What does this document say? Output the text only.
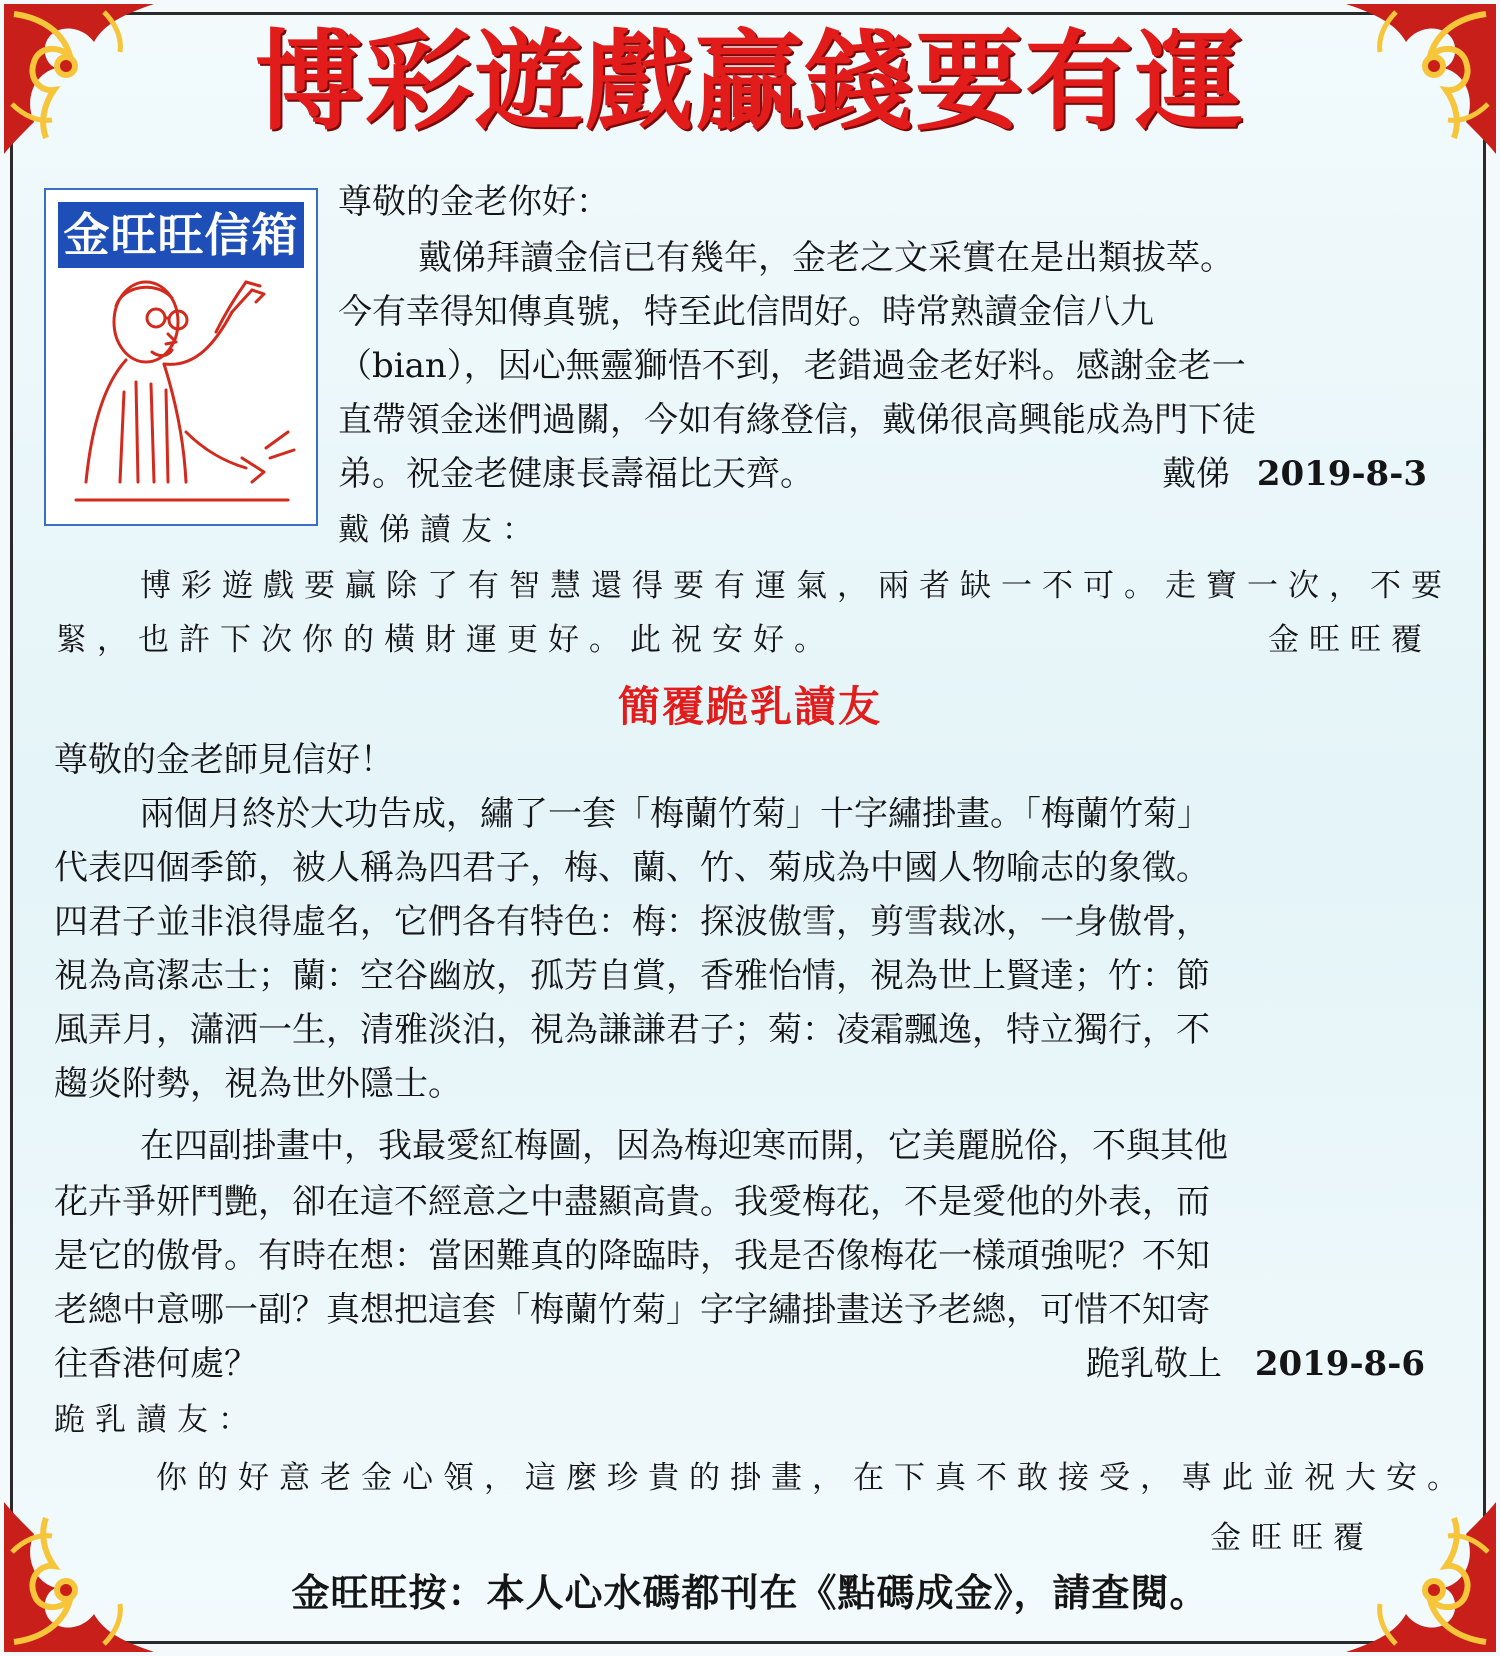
博彩遊戲贏錢要有運
金旺旺信箱
尊敬的金老你好：
戴俤拜讀金信已有幾年，金老之文采實在是出類拔萃。
今有幸得知傳真號，特至此信問好。時常熟讀金信八九
（bian），因心無靈獅悟不到，老錯過金老好料。感謝金老一
直帶領金迷們過關，今如有緣登信，戴俤很高興能成為門下徒
弟。祝金老健康長壽福比天齊。	戴俤 2019-8-3
戴俤讀友：
博彩遊戲要贏除了有智慧還得要有運氣，兩者缺一不可。走寶一次，不要
緊，也許下次你的橫財運更好。此祝安好。	金旺旺覆
簡覆跪乳讀友
尊敬的金老師見信好！
兩個月終於大功告成，繡了一套「梅蘭竹菊」十字繡掛畫。「梅蘭竹菊」
代表四個季節，被人稱為四君子，梅、蘭、竹、菊成為中國人物喻志的象徵。
四君子並非浪得虛名，它們各有特色：梅：探波傲雪，剪雪裁冰，一身傲骨，
視為高潔志士；蘭：空谷幽放，孤芳自賞，香雅怡情，視為世上賢達；竹：節
風弄月，瀟洒一生，清雅淡泊，視為謙謙君子；菊：凌霜飄逸，特立獨行，不
趨炎附勢，視為世外隱士。
在四副掛畫中，我最愛紅梅圖，因為梅迎寒而開，它美麗脱俗，不與其他
花卉爭妍鬥艷，卻在這不經意之中盡顯高貴。我愛梅花，不是愛他的外表，而
是它的傲骨。有時在想：當困難真的降臨時，我是否像梅花一樣頑強呢？不知
老總中意哪一副？真想把這套「梅蘭竹菊」字字繡掛畫送予老總，可惜不知寄
往香港何處？	跪乳敬上 2019-8-6
跪乳讀友：
你的好意老金心領，這麼珍貴的掛畫，在下真不敢接受，專此並祝大安。
金旺旺覆
金旺旺按：本人心水碼都刊在《點碼成金》，請查閱。
